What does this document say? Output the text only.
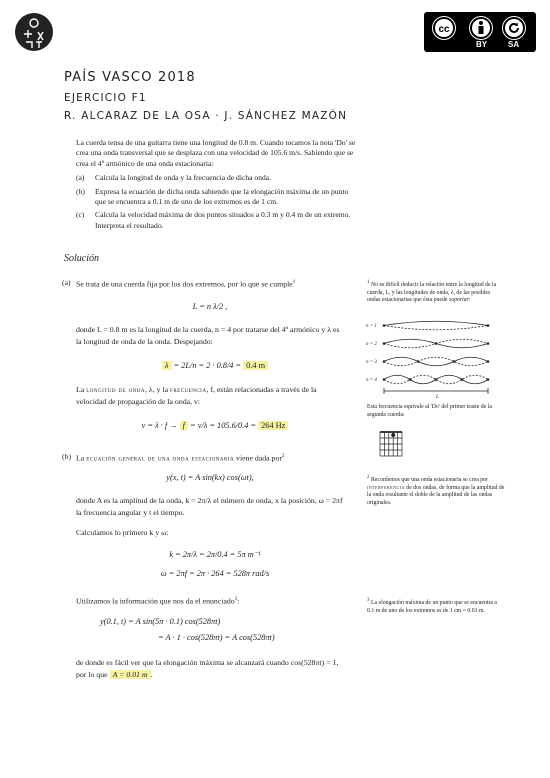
cc
BY	SA
PAÍS VASCO 2018
EJERCICIO F1
R. ALCARAZ DE LA OSA · J. SÁNCHEZ MAZÓN

La cuerda tensa de una guitarra tiene una longitud de 0.8 m. Cuando tocamos la nota 'Do' se crea una onda transversal que se desplaza con una velocidad de 105.6 m/s. Sabiendo que se crea el 4º armónico de una onda estacionaria:

(a) Calcula la longitud de onda y la frecuencia de dicha onda.
(b) Expresa la ecuación de dicha onda sabiendo que la elongación máxima de un punto que se encuentra a 0.1 m de uno de los extremos es de 1 cm.
(c) Calcula la velocidad máxima de dos puntos situados a 0.3 m y 0.4 m de un extremo. Interpreta el resultado.
Solución
(a) Se trata de una cuerda fija por los dos extremos, por lo que se cumple$^1$
L = n λ/2 ,
donde L = 0.8 m es la longitud de la cuerda, n = 4 por tratarse del 4º armónico y λ es la longitud de onda de la onda. Despejando:
λ = 2L/n = 2 · 0.8/4 = 0.4 m
La longitud de onda, λ, y la frecuencia, f, están relacionadas a través de la velocidad de propagación de la onda, v:
v = λ · f → f = v/λ = 105.6/0.4 = 264 Hz
(b) La ecuación general de una onda estacionaria viene dada por$^2$
y(x, t) = A sin(kx) cos(ωt),
donde A es la amplitud de la onda, k = 2π/λ el número de onda, x la posición, ω = 2πf la frecuencia angular y t el tiempo.
Calculamos lo primero k y ω:
k = 2π/λ = 2π/0.4 = 5π m⁻¹
ω = 2πf = 2π · 264 = 528π rad/s
Utilizamos la información que nos da el enunciado$^3$:
y(0.1, t) = A sin(5π · 0.1) cos(528πt)
= A · 1 · cos(528πt) = A cos(528πt)
de donde es fácil ver que la elongación máxima se alcanzará cuando cos(528πt) = 1, por lo que A = 0.01 m .
$^1$ No es difícil deducir la relación entre la longitud de la cuerda, L, y las longitudes de onda, λ, de las posibles ondas estacionarias que ésta puede soportar:
n = 1
n = 2
n = 3
n = 4
L
Esta frecuencia equivale al 'Do' del primer traste de la segunda cuerda:
$^2$ Recordemos que una onda estacionaria se crea por interferencia de dos ondas, de forma que la amplitud de la onda resultante el doble de la amplitud de las ondas originales.
$^3$ La elongación máxima de un punto que se encuentra a 0.1 m de uno de los extremos es de 1 cm = 0.01 m.
